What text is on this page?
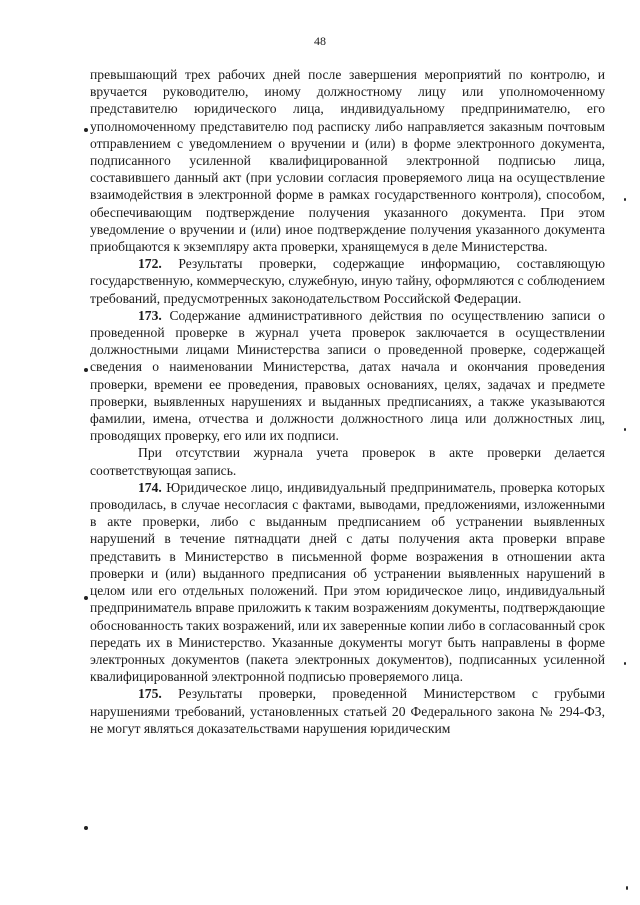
48

превышающий трех рабочих дней после завершения мероприятий по контролю, и вручается руководителю, иному должностному лицу или уполномоченному представителю юридического лица, индивидуальному предпринимателю, его уполномоченному представителю под расписку либо направляется заказным почтовым отправлением с уведомлением о вручении и (или) в форме электронного документа, подписанного усиленной квалифицированной электронной подписью лица, составившего данный акт (при условии согласия проверяемого лица на осуществление взаимодействия в электронной форме в рамках государственного контроля), способом, обеспечивающим подтверждение получения указанного документа. При этом уведомление о вручении и (или) иное подтверждение получения указанного документа приобщаются к экземпляру акта проверки, хранящемуся в деле Министерства.

172. Результаты проверки, содержащие информацию, составляющую государственную, коммерческую, служебную, иную тайну, оформляются с соблюдением требований, предусмотренных законодательством Российской Федерации.

173. Содержание административного действия по осуществлению записи о проведенной проверке в журнал учета проверок заключается в осуществлении должностными лицами Министерства записи о проведенной проверке, содержащей сведения о наименовании Министерства, датах начала и окончания проведения проверки, времени ее проведения, правовых основаниях, целях, задачах и предмете проверки, выявленных нарушениях и выданных предписаниях, а также указываются фамилии, имена, отчества и должности должностного лица или должностных лиц, проводящих проверку, его или их подписи.

При отсутствии журнала учета проверок в акте проверки делается соответствующая запись.

174. Юридическое лицо, индивидуальный предприниматель, проверка которых проводилась, в случае несогласия с фактами, выводами, предложениями, изложенными в акте проверки, либо с выданным предписанием об устранении выявленных нарушений в течение пятнадцати дней с даты получения акта проверки вправе представить в Министерство в письменной форме возражения в отношении акта проверки и (или) выданного предписания об устранении выявленных нарушений в целом или его отдельных положений. При этом юридическое лицо, индивидуальный предприниматель вправе приложить к таким возражениям документы, подтверждающие обоснованность таких возражений, или их заверенные копии либо в согласованный срок передать их в Министерство. Указанные документы могут быть направлены в форме электронных документов (пакета электронных документов), подписанных усиленной квалифицированной электронной подписью проверяемого лица.

175. Результаты проверки, проведенной Министерством с грубыми нарушениями требований, установленных статьей 20 Федерального закона № 294-ФЗ, не могут являться доказательствами нарушения юридическим
